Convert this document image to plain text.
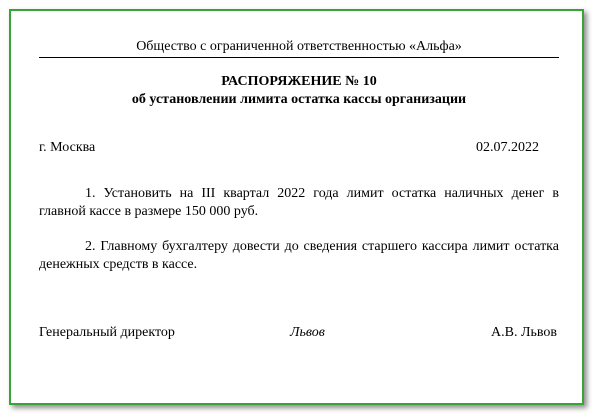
Общество с ограниченной ответственностью «Альфа»
РАСПОРЯЖЕНИЕ № 10
об установлении лимита остатка кассы организации
г. Москва	02.07.2022

1. Установить на III квартал 2022 года лимит остатка наличных денег в главной кассе в размере 150 000 руб.

2. Главному бухгалтеру довести до сведения старшего кассира лимит остатка денежных средств в кассе.

Генеральный директор	Львов	А.В. Львов
